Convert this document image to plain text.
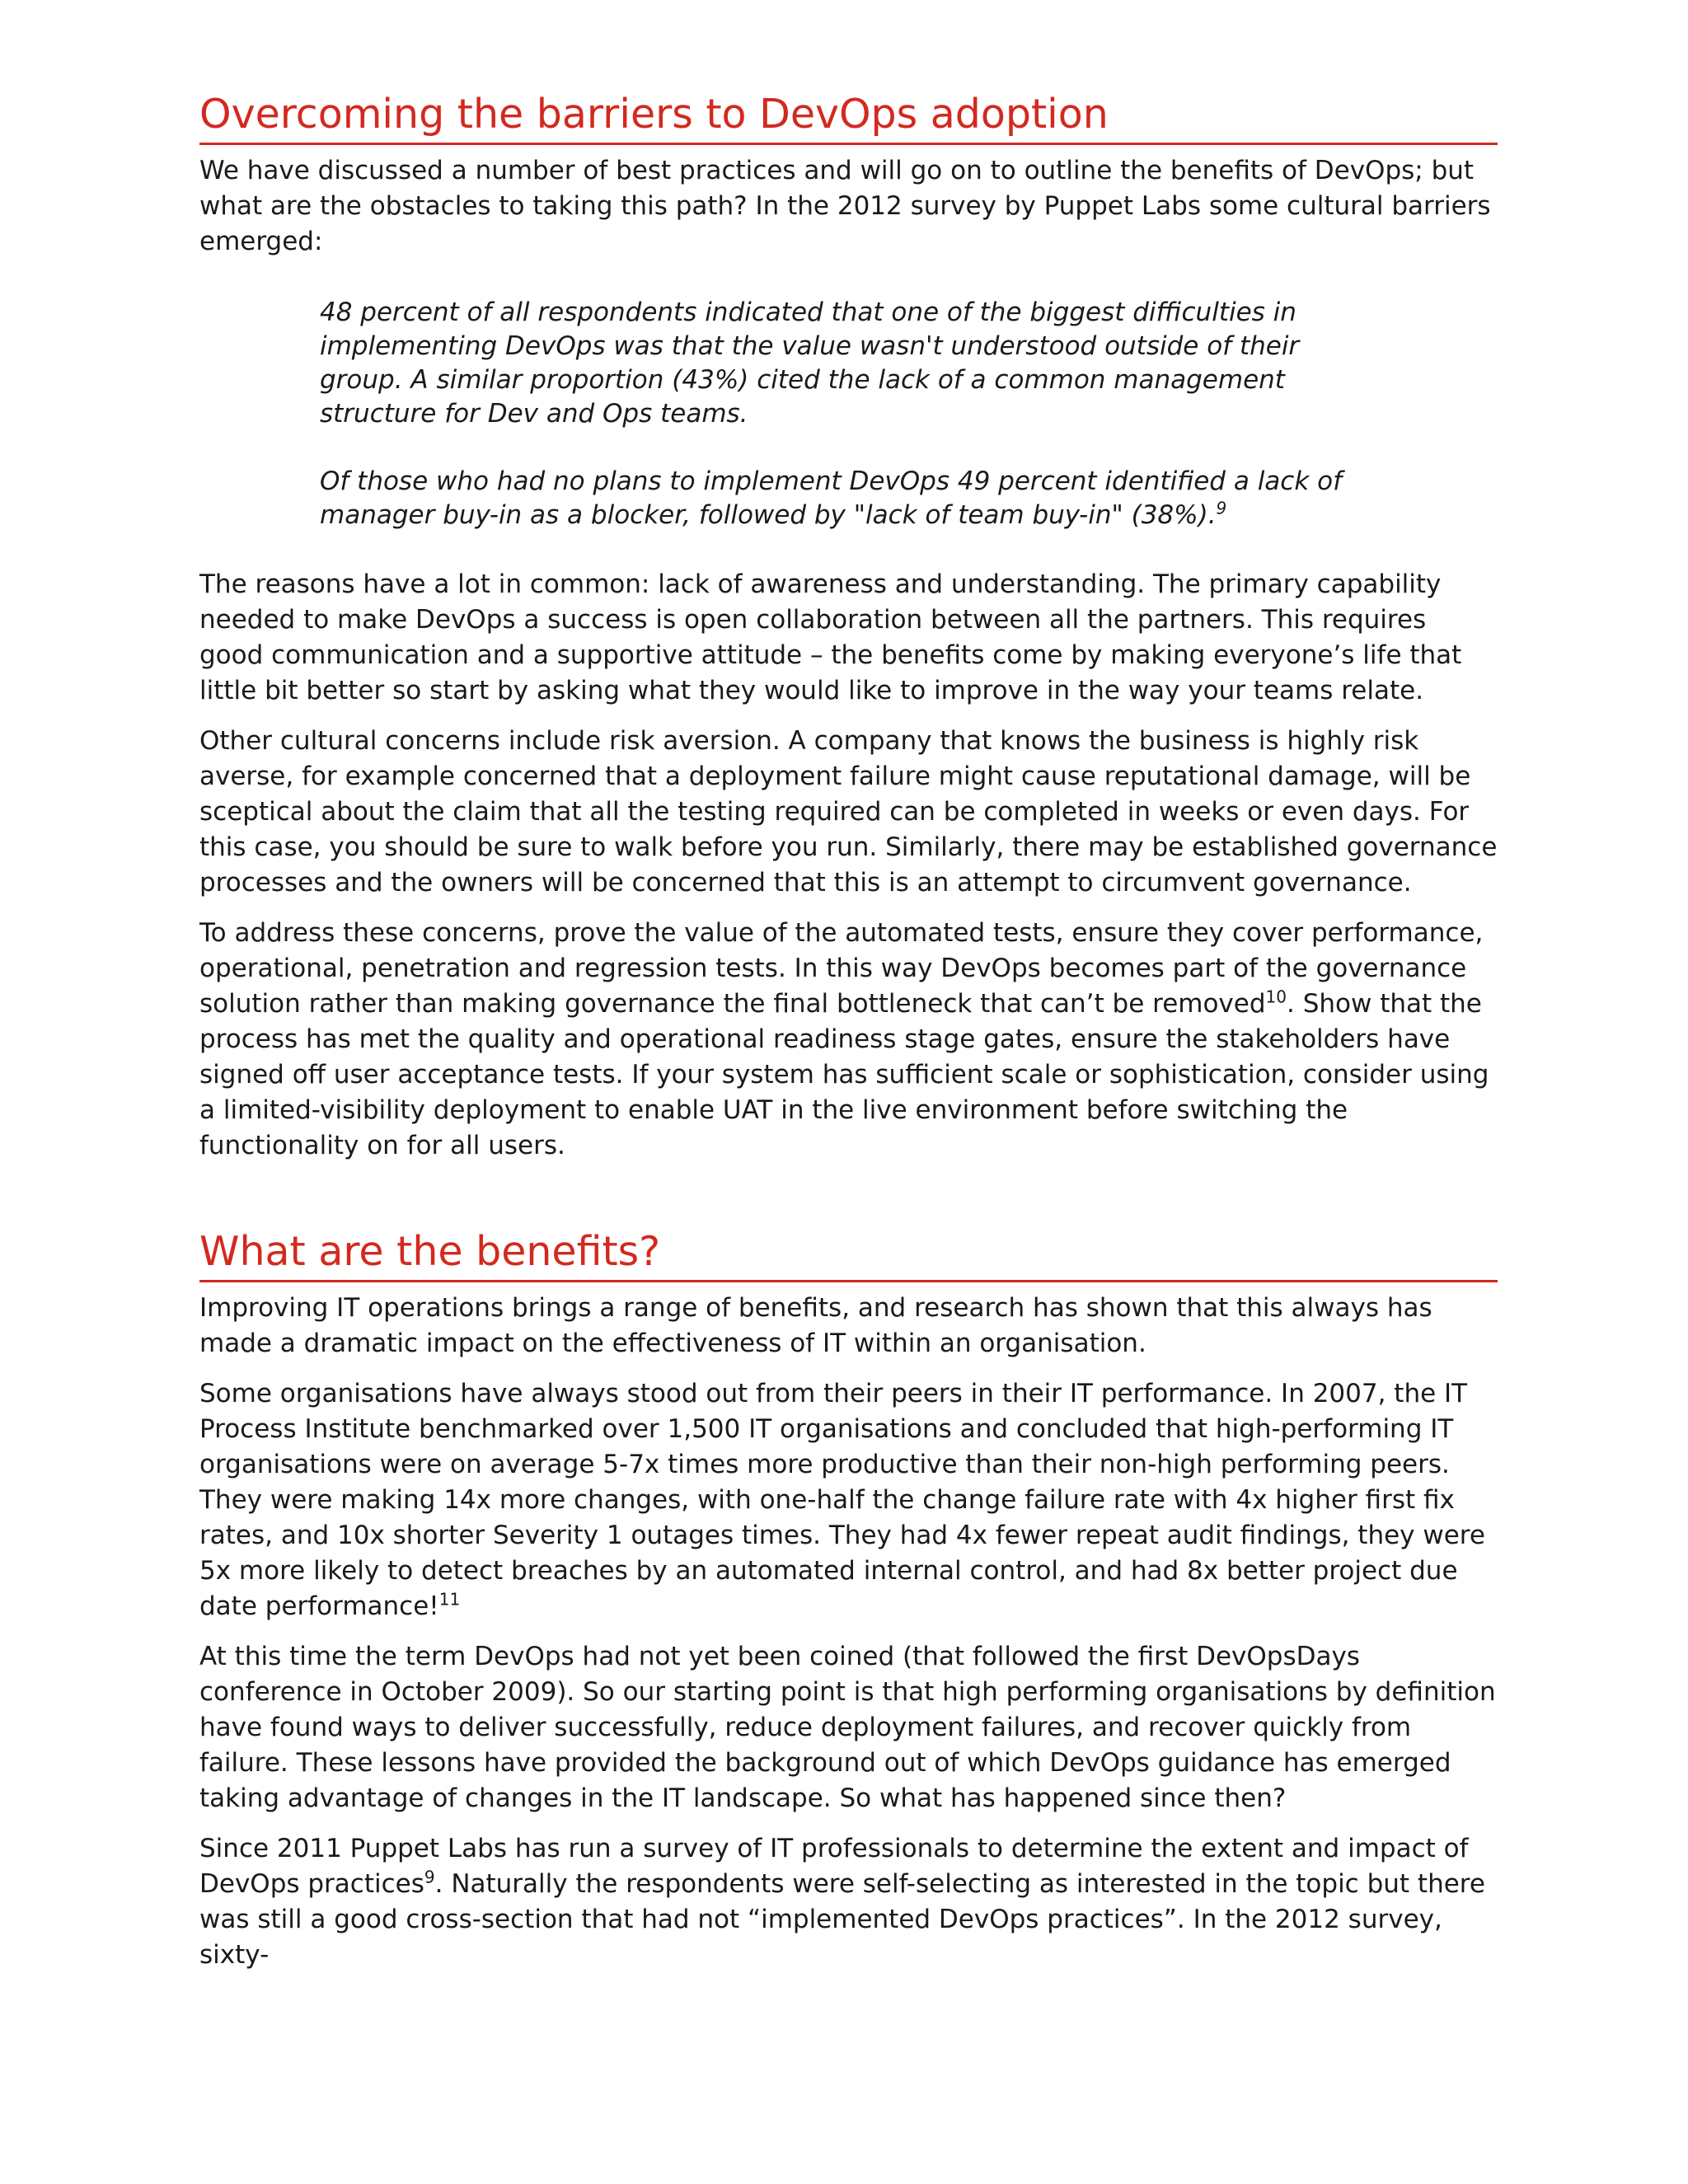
Overcoming the barriers to DevOps adoption

We have discussed a number of best practices and will go on to outline the benefits of DevOps; but what are the obstacles to taking this path? In the 2012 survey by Puppet Labs some cultural barriers emerged:

48 percent of all respondents indicated that one of the biggest difficulties in implementing DevOps was that the value wasn't understood outside of their group. A similar proportion (43%) cited the lack of a common management structure for Dev and Ops teams.

Of those who had no plans to implement DevOps 49 percent identified a lack of manager buy-in as a blocker, followed by "lack of team buy-in" (38%).$^9$

The reasons have a lot in common: lack of awareness and understanding. The primary capability needed to make DevOps a success is open collaboration between all the partners. This requires good communication and a supportive attitude – the benefits come by making everyone’s life that little bit better so start by asking what they would like to improve in the way your teams relate.

Other cultural concerns include risk aversion. A company that knows the business is highly risk averse, for example concerned that a deployment failure might cause reputational damage, will be sceptical about the claim that all the testing required can be completed in weeks or even days. For this case, you should be sure to walk before you run. Similarly, there may be established governance processes and the owners will be concerned that this is an attempt to circumvent governance.

To address these concerns, prove the value of the automated tests, ensure they cover performance, operational, penetration and regression tests. In this way DevOps becomes part of the governance solution rather than making governance the final bottleneck that can’t be removed$^{10}$. Show that the process has met the quality and operational readiness stage gates, ensure the stakeholders have signed off user acceptance tests. If your system has sufficient scale or sophistication, consider using a limited-visibility deployment to enable UAT in the live environment before switching the functionality on for all users.

What are the benefits?

Improving IT operations brings a range of benefits, and research has shown that this always has made a dramatic impact on the effectiveness of IT within an organisation.

Some organisations have always stood out from their peers in their IT performance. In 2007, the IT Process Institute benchmarked over 1,500 IT organisations and concluded that high-performing IT organisations were on average 5-7x times more productive than their non-high performing peers. They were making 14x more changes, with one-half the change failure rate with 4x higher first fix rates, and 10x shorter Severity 1 outages times. They had 4x fewer repeat audit findings, they were 5x more likely to detect breaches by an automated internal control, and had 8x better project due date performance!$^{11}$

At this time the term DevOps had not yet been coined (that followed the first DevOpsDays conference in October 2009). So our starting point is that high performing organisations by definition have found ways to deliver successfully, reduce deployment failures, and recover quickly from failure. These lessons have provided the background out of which DevOps guidance has emerged taking advantage of changes in the IT landscape. So what has happened since then?

Since 2011 Puppet Labs has run a survey of IT professionals to determine the extent and impact of DevOps practices$^9$. Naturally the respondents were self-selecting as interested in the topic but there was still a good cross-section that had not “implemented DevOps practices”. In the 2012 survey, sixty-
